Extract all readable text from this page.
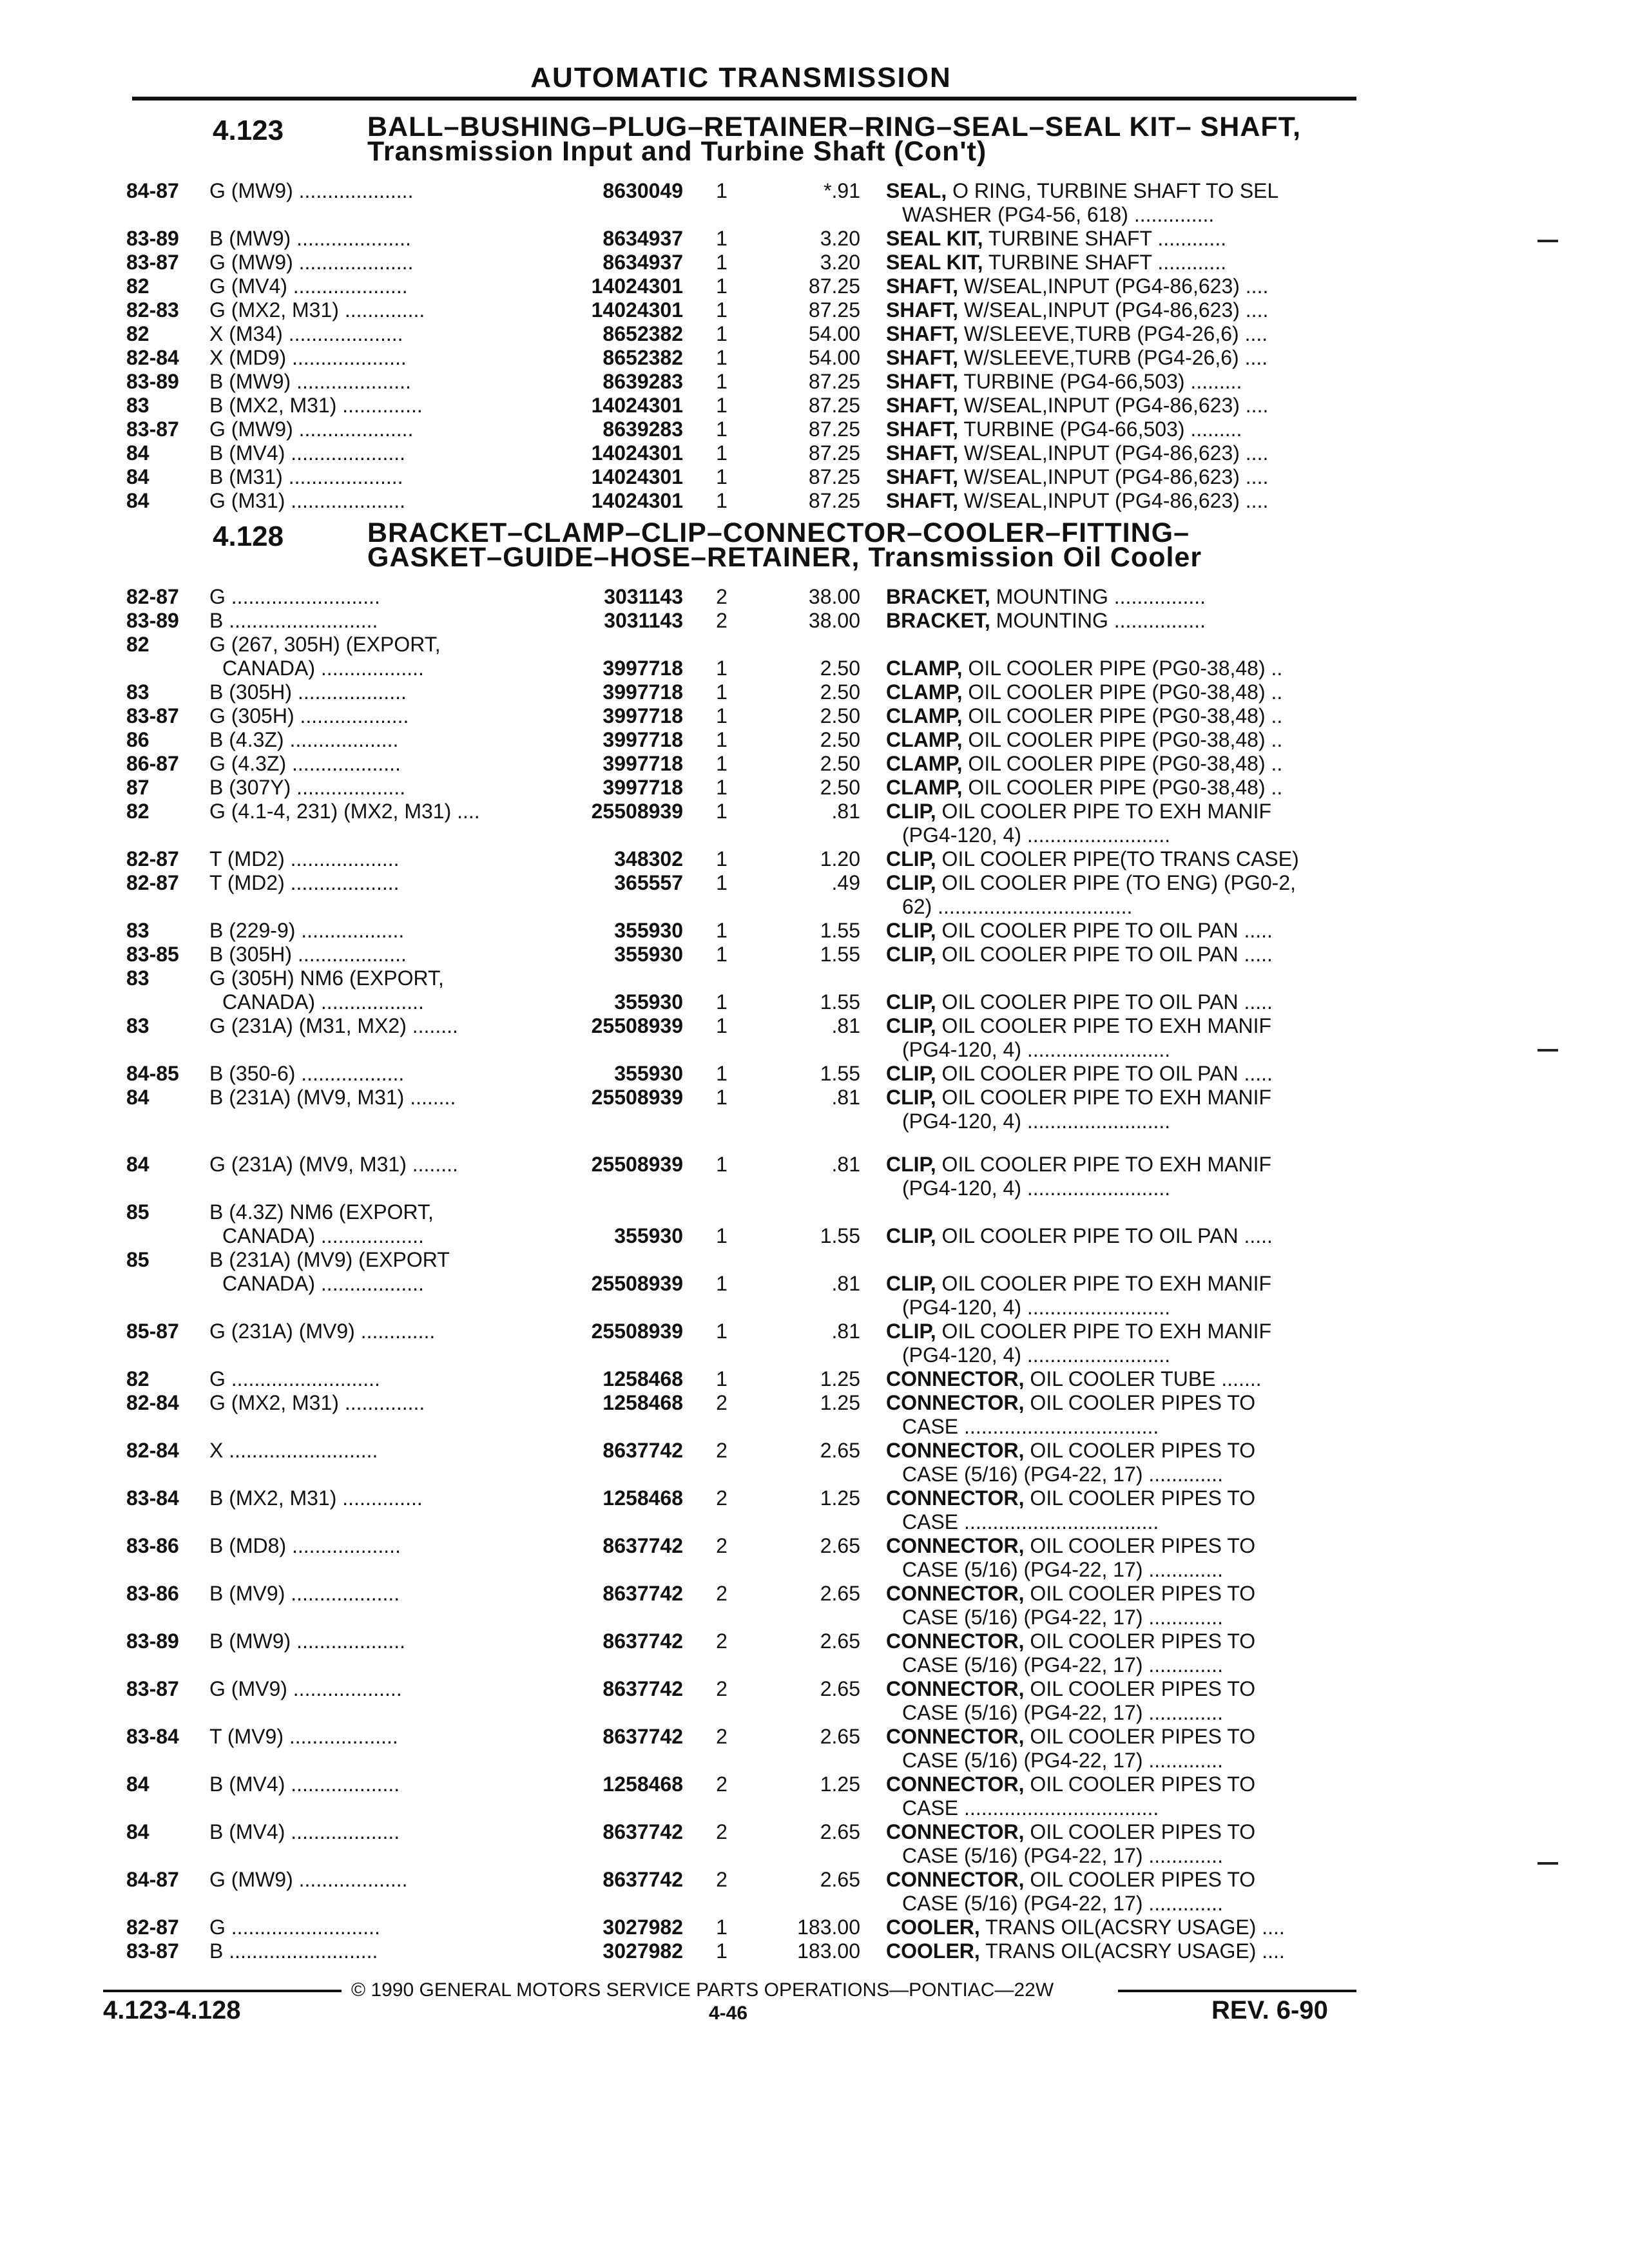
AUTOMATIC TRANSMISSION
4.123	BALL–BUSHING–PLUG–RETAINER–RING–SEAL–SEAL KIT– SHAFT,
Transmission Input and Turbine Shaft (Con't)
4.128	BRACKET–CLAMP–CLIP–CONNECTOR–COOLER–FITTING–
GASKET–GUIDE–HOSE–RETAINER, Transmission Oil Cooler
84-87 G (MW9) ....................	8630049	1	*.91 SEAL, O RING, TURBINE SHAFT TO SEL
WASHER (PG4-56, 618) ..............
83-89 B (MW9) ....................	8634937	1	3.20 SEAL KIT, TURBINE SHAFT ............
83-87 G (MW9) ....................	8634937	1	3.20 SEAL KIT, TURBINE SHAFT ............
82	G (MV4) ....................	14024301	1	87.25 SHAFT, W/SEAL,INPUT (PG4-86,623) ....
82-83 G (MX2, M31) ..............	14024301	1	87.25 SHAFT, W/SEAL,INPUT (PG4-86,623) ....
82	X (M34) ....................	8652382	1	54.00 SHAFT, W/SLEEVE,TURB (PG4-26,6) ....
82-84 X (MD9) ....................	8652382	1	54.00 SHAFT, W/SLEEVE,TURB (PG4-26,6) ....
83-89 B (MW9) ....................	8639283	1	87.25 SHAFT, TURBINE (PG4-66,503) .........
83	B (MX2, M31) ..............	14024301	1	87.25 SHAFT, W/SEAL,INPUT (PG4-86,623) ....
83-87 G (MW9) ....................	8639283	1	87.25 SHAFT, TURBINE (PG4-66,503) .........
84	B (MV4) ....................	14024301	1	87.25 SHAFT, W/SEAL,INPUT (PG4-86,623) ....
84	B (M31) ....................	14024301	1	87.25 SHAFT, W/SEAL,INPUT (PG4-86,623) ....
84	G (M31) ....................	14024301	1	87.25 SHAFT, W/SEAL,INPUT (PG4-86,623) ....
82-87 G ..........................	3031143	2	38.00 BRACKET, MOUNTING ................
83-89 B ..........................	3031143	2	38.00 BRACKET, MOUNTING ................
82	G (267, 305H) (EXPORT,
CANADA) ..................	3997718	1	2.50 CLAMP, OIL COOLER PIPE (PG0-38,48) ..
83	B (305H) ...................	3997718	1	2.50 CLAMP, OIL COOLER PIPE (PG0-38,48) ..
83-87 G (305H) ...................	3997718	1	2.50 CLAMP, OIL COOLER PIPE (PG0-38,48) ..
86	B (4.3Z) ...................	3997718	1	2.50 CLAMP, OIL COOLER PIPE (PG0-38,48) ..
86-87 G (4.3Z) ...................	3997718	1	2.50 CLAMP, OIL COOLER PIPE (PG0-38,48) ..
87	B (307Y) ...................	3997718	1	2.50 CLAMP, OIL COOLER PIPE (PG0-38,48) ..
82	G (4.1-4, 231) (MX2, M31) ....	25508939	1	.81 CLIP, OIL COOLER PIPE TO EXH MANIF
(PG4-120, 4) .........................
82-87 T (MD2) ...................	348302	1	1.20 CLIP, OIL COOLER PIPE(TO TRANS CASE)
82-87 T (MD2) ...................	365557	1	.49 CLIP, OIL COOLER PIPE (TO ENG) (PG0-2,
62) ..................................
83	B (229-9) ..................	355930	1	1.55 CLIP, OIL COOLER PIPE TO OIL PAN .....
83-85 B (305H) ...................	355930	1	1.55 CLIP, OIL COOLER PIPE TO OIL PAN .....
83	G (305H) NM6 (EXPORT,
CANADA) ..................	355930	1	1.55 CLIP, OIL COOLER PIPE TO OIL PAN .....
83	G (231A) (M31, MX2) ........	25508939	1	.81 CLIP, OIL COOLER PIPE TO EXH MANIF
(PG4-120, 4) .........................
84-85 B (350-6) ..................	355930	1	1.55 CLIP, OIL COOLER PIPE TO OIL PAN .....
84	B (231A) (MV9, M31) ........	25508939	1	.81 CLIP, OIL COOLER PIPE TO EXH MANIF
(PG4-120, 4) .........................
84	G (231A) (MV9, M31) ........	25508939	1	.81 CLIP, OIL COOLER PIPE TO EXH MANIF
(PG4-120, 4) .........................
85	B (4.3Z) NM6 (EXPORT,
CANADA) ..................	355930	1	1.55 CLIP, OIL COOLER PIPE TO OIL PAN .....
85	B (231A) (MV9) (EXPORT
CANADA) ..................	25508939	1	.81 CLIP, OIL COOLER PIPE TO EXH MANIF
(PG4-120, 4) .........................
85-87 G (231A) (MV9) .............	25508939	1	.81 CLIP, OIL COOLER PIPE TO EXH MANIF
(PG4-120, 4) .........................
82	G ..........................	1258468	1	1.25 CONNECTOR, OIL COOLER TUBE .......
82-84 G (MX2, M31) ..............	1258468	2	1.25 CONNECTOR, OIL COOLER PIPES TO
CASE ..................................
82-84 X ..........................	8637742	2	2.65 CONNECTOR, OIL COOLER PIPES TO
CASE (5/16) (PG4-22, 17) .............
83-84 B (MX2, M31) ..............	1258468	2	1.25 CONNECTOR, OIL COOLER PIPES TO
CASE ..................................
83-86 B (MD8) ...................	8637742	2	2.65 CONNECTOR, OIL COOLER PIPES TO
CASE (5/16) (PG4-22, 17) .............
83-86 B (MV9) ...................	8637742	2	2.65 CONNECTOR, OIL COOLER PIPES TO
CASE (5/16) (PG4-22, 17) .............
83-89 B (MW9) ...................	8637742	2	2.65 CONNECTOR, OIL COOLER PIPES TO
CASE (5/16) (PG4-22, 17) .............
83-87 G (MV9) ...................	8637742	2	2.65 CONNECTOR, OIL COOLER PIPES TO
CASE (5/16) (PG4-22, 17) .............
83-84 T (MV9) ...................	8637742	2	2.65 CONNECTOR, OIL COOLER PIPES TO
CASE (5/16) (PG4-22, 17) .............
84	B (MV4) ...................	1258468	2	1.25 CONNECTOR, OIL COOLER PIPES TO
CASE ..................................
84	B (MV4) ...................	8637742	2	2.65 CONNECTOR, OIL COOLER PIPES TO
CASE (5/16) (PG4-22, 17) .............
84-87 G (MW9) ...................	8637742	2	2.65 CONNECTOR, OIL COOLER PIPES TO
CASE (5/16) (PG4-22, 17) .............
82-87 G ..........................	3027982	1	183.00 COOLER, TRANS OIL(ACSRY USAGE) ....
83-87 B ..........................	3027982	1	183.00 COOLER, TRANS OIL(ACSRY USAGE) ....
© 1990 GENERAL MOTORS SERVICE PARTS OPERATIONS—PONTIAC—22W
4.123-4.128	4-46	REV. 6-90
